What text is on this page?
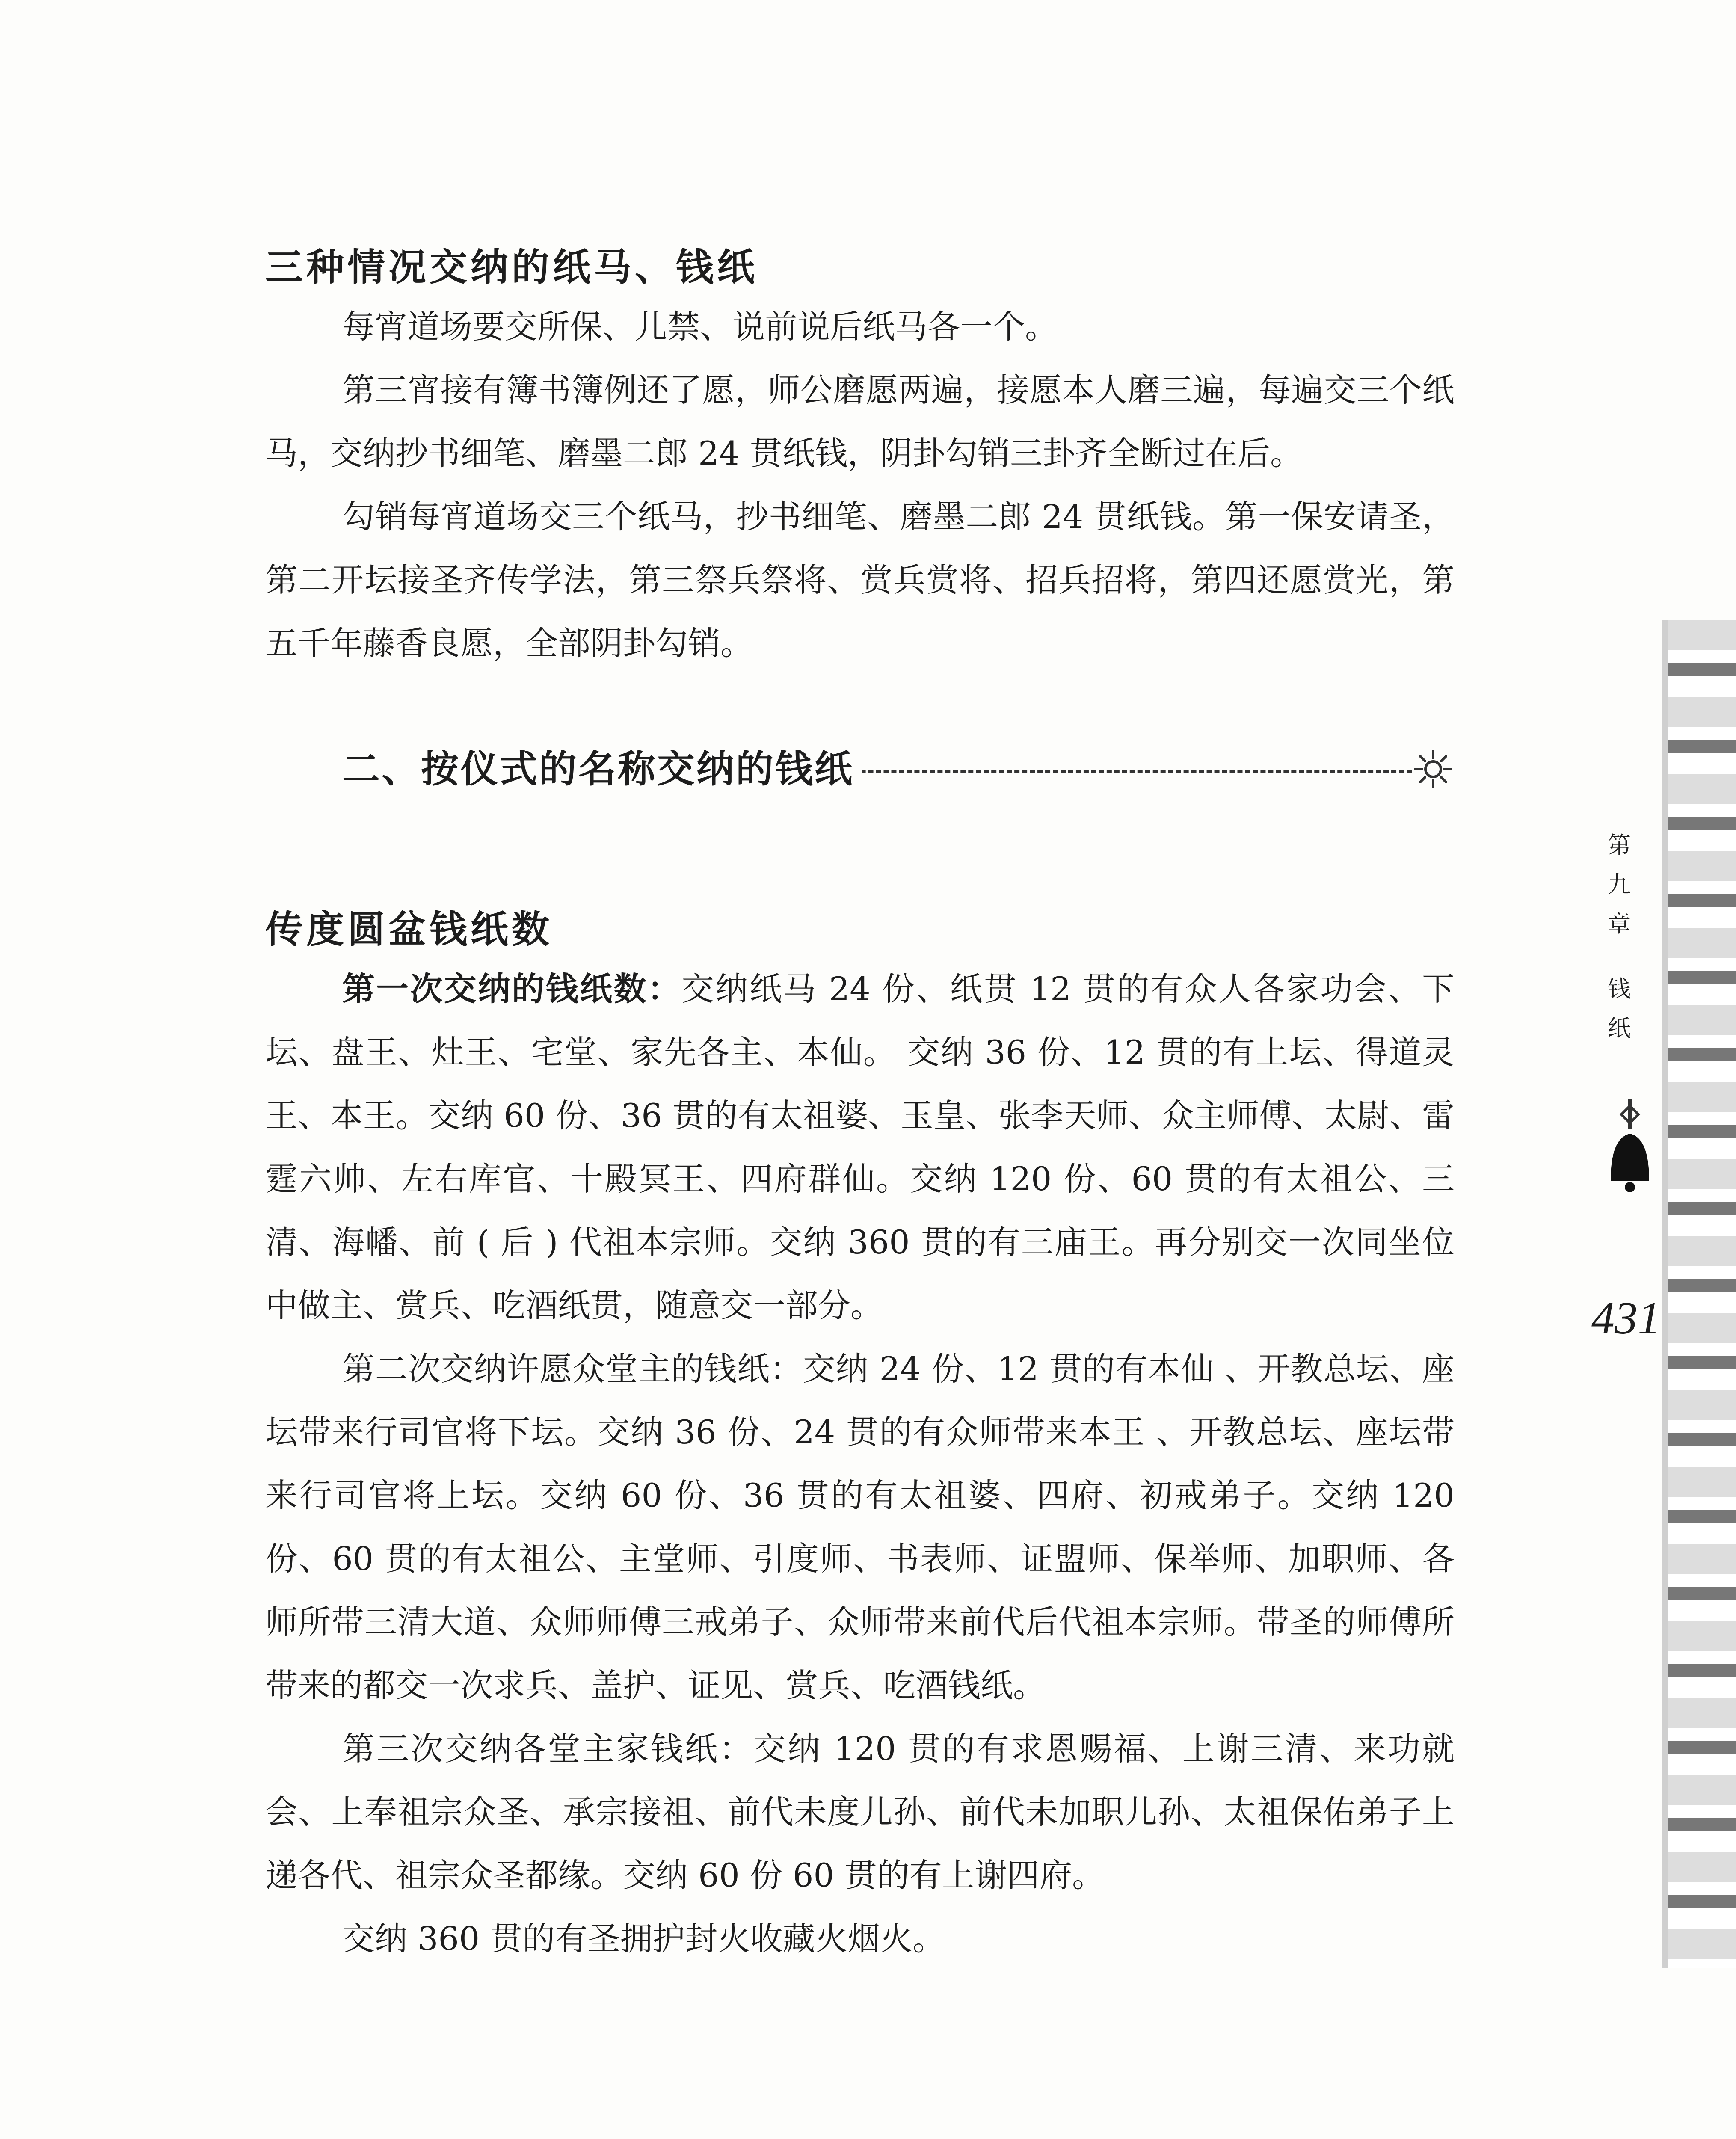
三种情况交纳的纸马、钱纸

每宵道场要交所保、儿禁、说前说后纸马各一个。

第三宵接有簿书簿例还了愿，师公磨愿两遍，接愿本人磨三遍，每遍交三个纸马，交纳抄书细笔、磨墨二郎 24 贯纸钱，阴卦勾销三卦齐全断过在后。

勾销每宵道场交三个纸马，抄书细笔、磨墨二郎 24 贯纸钱。第一保安请圣，第二开坛接圣齐传学法，第三祭兵祭将、赏兵赏将、招兵招将，第四还愿赏光，第五千年藤香良愿，全部阴卦勾销。

二、按仪式的名称交纳的钱纸
传度圆盆钱纸数

第一次交纳的钱纸数：交纳纸马 24 份、纸贯 12 贯的有众人各家功会、下坛、盘王、灶王、宅堂、家先各主、本仙。 交纳 36 份、12 贯的有上坛、得道灵王、本王。交纳 60 份、36 贯的有太祖婆、玉皇、张李天师、众主师傅、太尉、雷霆六帅、左右库官、十殿冥王、四府群仙。交纳 120 份、60 贯的有太祖公、三清、海幡、前 ( 后 ) 代祖本宗师。交纳 360 贯的有三庙王。再分别交一次同坐位中做主、赏兵、吃酒纸贯，随意交一部分。

第二次交纳许愿众堂主的钱纸：交纳 24 份、12 贯的有本仙 、开教总坛、座坛带来行司官将下坛。交纳 36 份、24 贯的有众师带来本王 、开教总坛、座坛带来行司官将上坛。交纳 60 份、36 贯的有太祖婆、四府、初戒弟子。交纳 120 份、60 贯的有太祖公、主堂师、引度师、书表师、证盟师、保举师、加职师、各师所带三清大道、众师师傅三戒弟子、众师带来前代后代祖本宗师。带圣的师傅所带来的都交一次求兵、盖护、证见、赏兵、吃酒钱纸。

第三次交纳各堂主家钱纸：交纳 120 贯的有求恩赐福、上谢三清、来功就会、上奉祖宗众圣、承宗接祖、前代未度儿孙、前代未加职儿孙、太祖保佑弟子上递各代、祖宗众圣都缘。交纳 60 份 60 贯的有上谢四府。

交纳 360 贯的有圣拥护封火收藏火烟火。

第
九
章
钱
纸
431
